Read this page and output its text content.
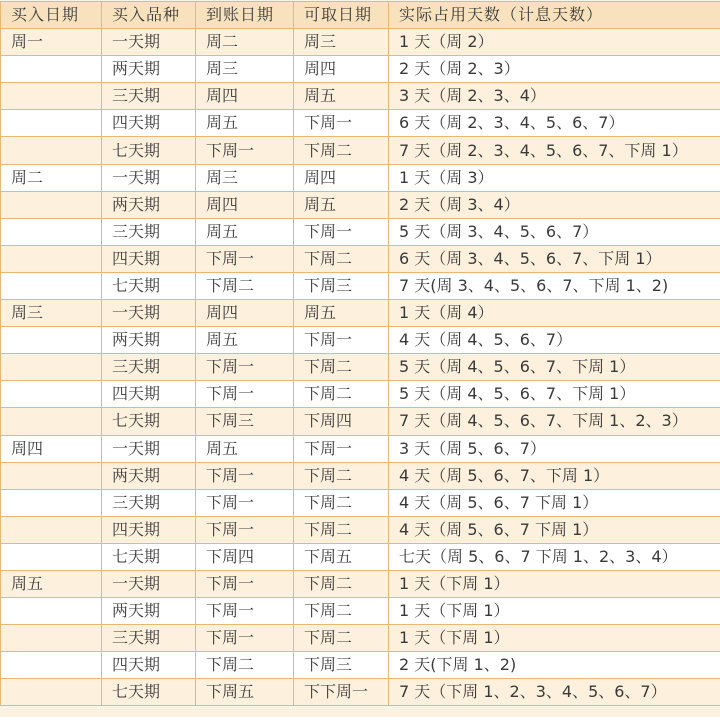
买入日期	买入品种	到账日期	可取日期	实际占用天数（计息天数）
周一	一天期	周二	周三	1 天（周 2）
	两天期	周三	周四	2 天（周 2、3）
	三天期	周四	周五	3 天（周 2、3、4）
	四天期	周五	下周一	6 天（周 2、3、4、5、6、7）
	七天期	下周一	下周二	7 天（周 2、3、4、5、6、7、下周 1）
周二	一天期	周三	周四	1 天（周 3）
	两天期	周四	周五	2 天（周 3、4）
	三天期	周五	下周一	5 天（周 3、4、5、6、7）
	四天期	下周一	下周二	6 天（周 3、4、5、6、7、下周 1）
	七天期	下周二	下周三	7 天(周 3、4、5、6、7、下周 1、2)
周三	一天期	周四	周五	1 天（周 4）
	两天期	周五	下周一	4 天（周 4、5、6、7）
	三天期	下周一	下周二	5 天（周 4、5、6、7、下周 1）
	四天期	下周一	下周二	5 天（周 4、5、6、7、下周 1）
	七天期	下周三	下周四	7 天（周 4、5、6、7、下周 1、2、3）
周四	一天期	周五	下周一	3 天（周 5、6、7）
	两天期	下周一	下周二	4 天（周 5、6、7、下周 1）
	三天期	下周一	下周二	4 天（周 5、6、7 下周 1）
	四天期	下周一	下周二	4 天（周 5、6、7 下周 1）
	七天期	下周四	下周五	七天（周 5、6、7 下周 1、2、3、4）
周五	一天期	下周一	下周二	1 天（下周 1）
	两天期	下周一	下周二	1 天（下周 1）
	三天期	下周一	下周二	1 天（下周 1）
	四天期	下周二	下周三	2 天(下周 1、2)
	七天期	下周五	下下周一	7 天（下周 1、2、3、4、5、6、7）
